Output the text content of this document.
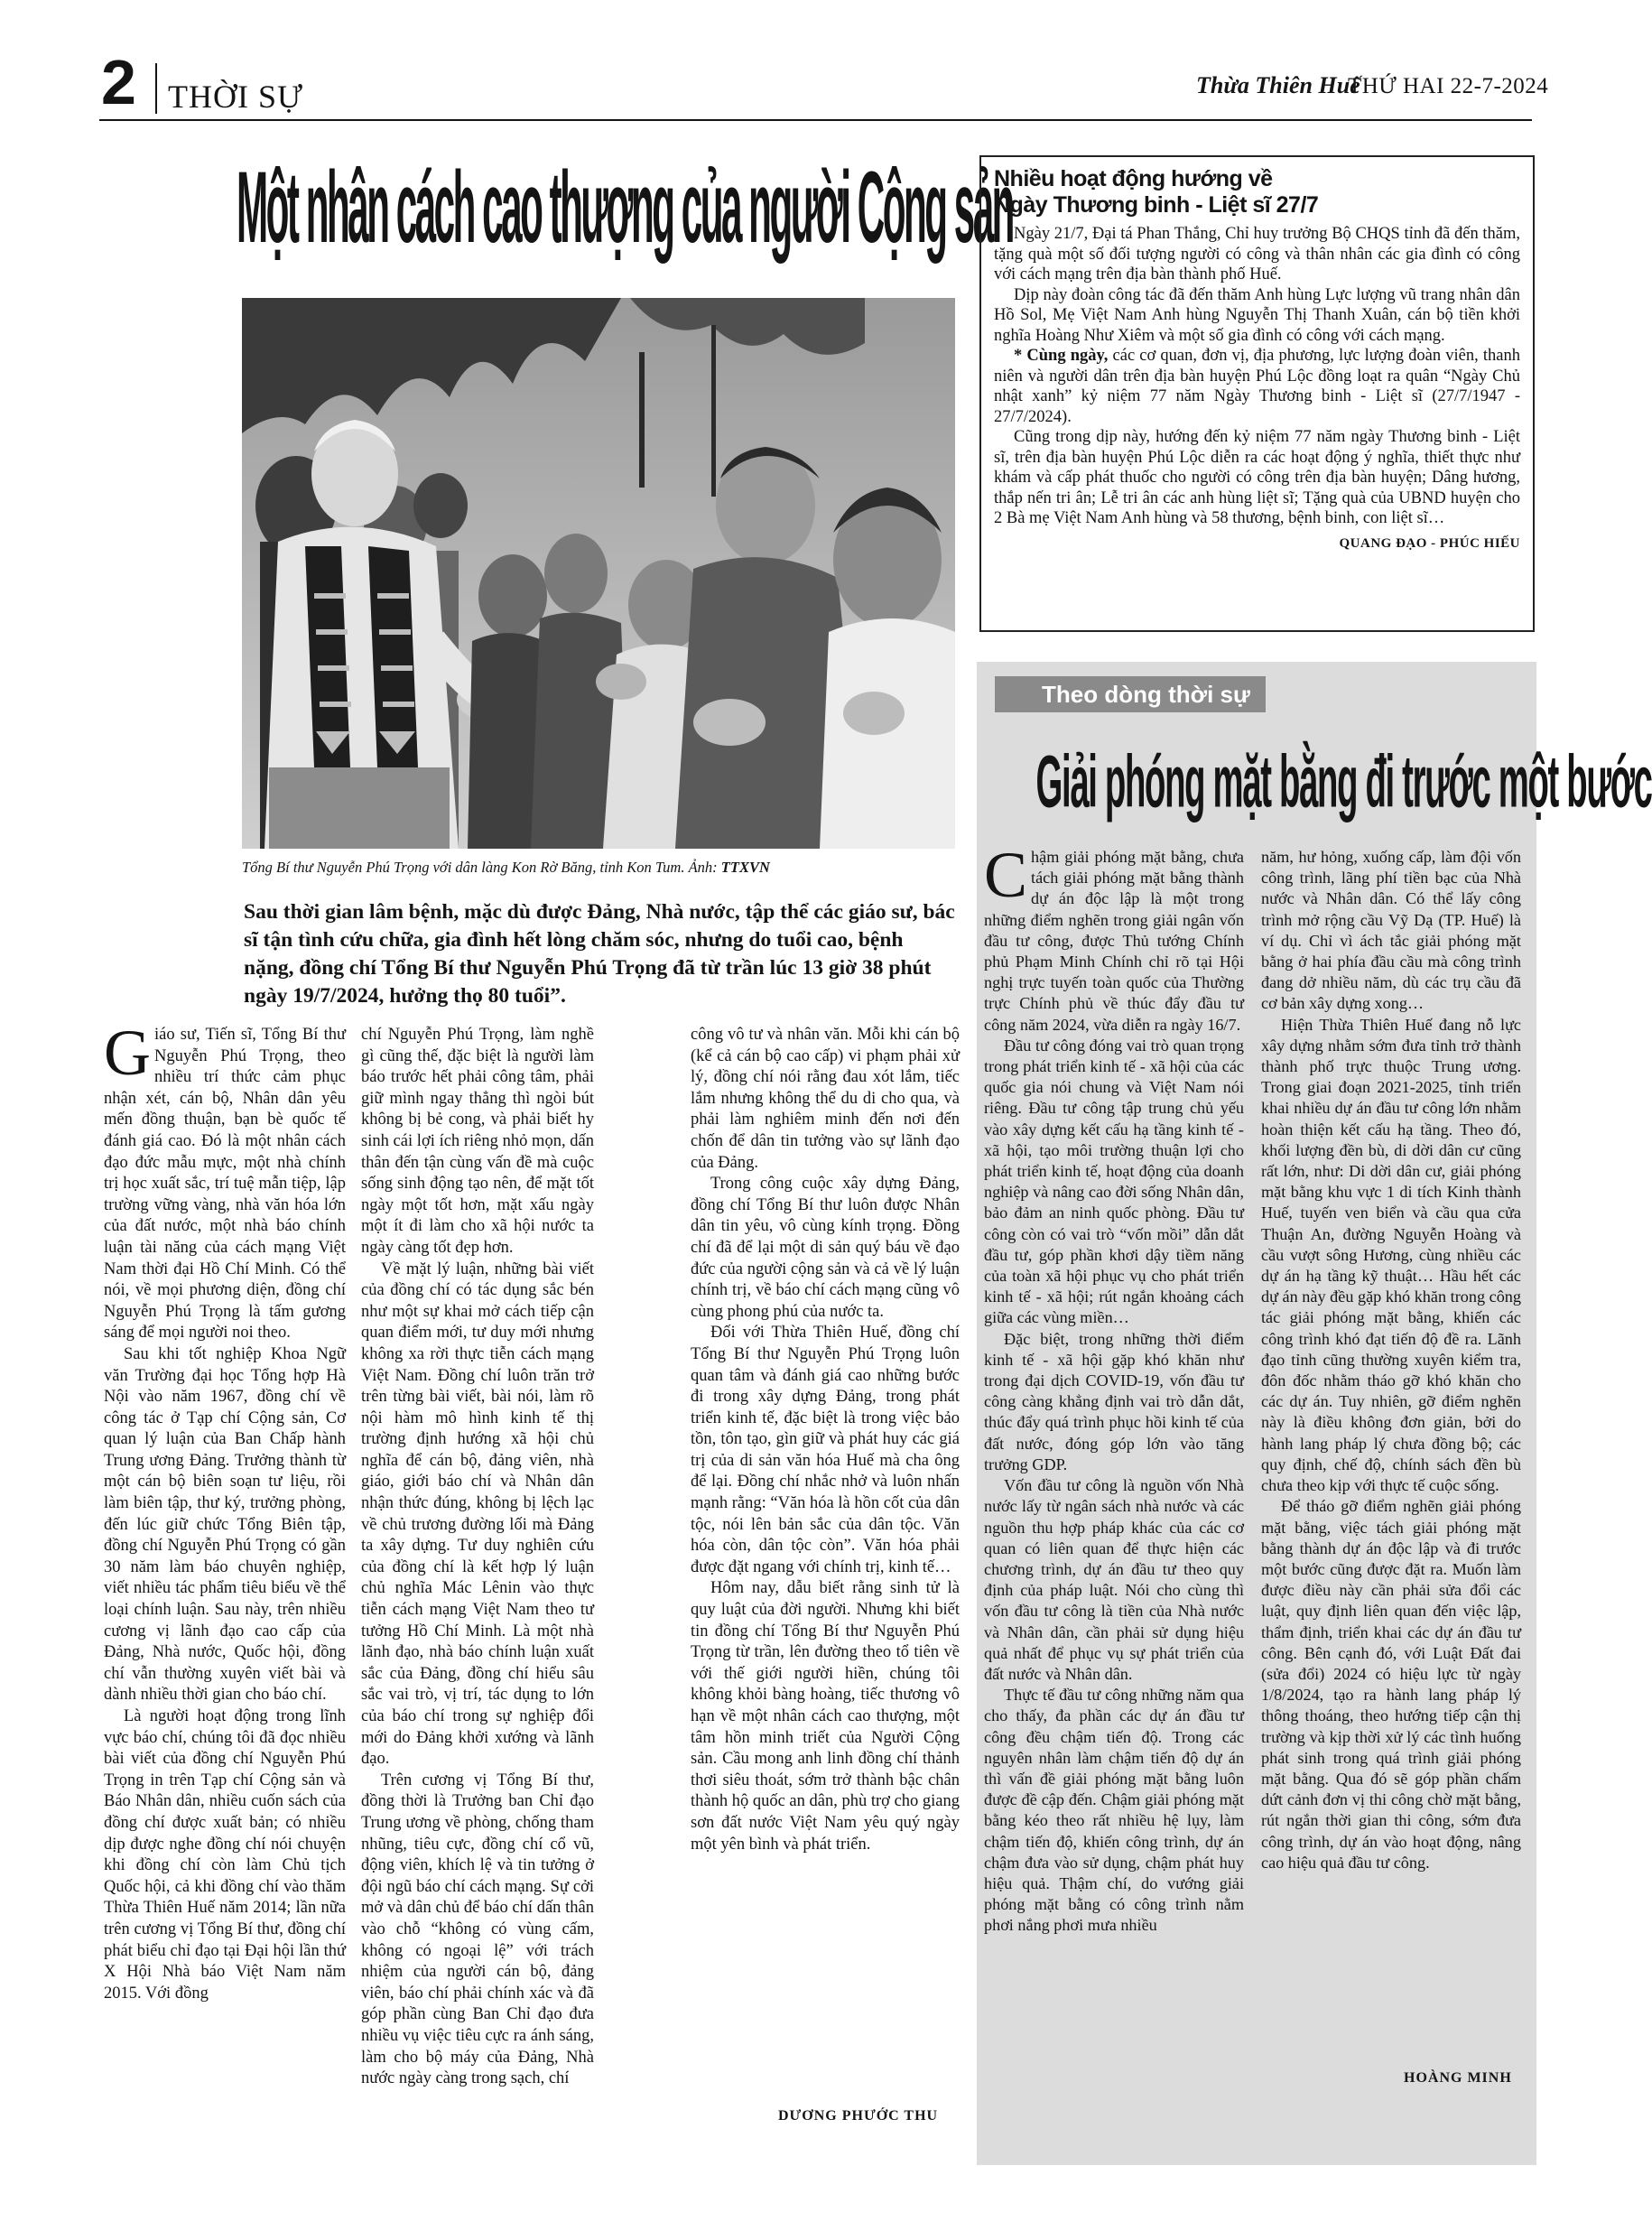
2 THỜI SỰ	Thừa Thiên Huế
THỨ HAI 22-7-2024
Một nhân cách cao thượng của người Cộng sản
Tổng Bí thư Nguyễn Phú Trọng với dân làng Kon Rờ Băng, tỉnh Kon Tum. Ảnh: TTXVN
Sau thời gian lâm bệnh, mặc dù được Đảng, Nhà nước, tập thể các giáo sư, bác sĩ tận tình cứu chữa, gia đình hết lòng chăm sóc, nhưng do tuổi cao, bệnh nặng, đồng chí Tổng Bí thư Nguyễn Phú Trọng đã từ trần lúc 13 giờ 38 phút ngày 19/7/2024, hưởng thọ 80 tuổi”.

Giáo sư, Tiến sĩ, Tổng Bí thư Nguyễn Phú Trọng, theo nhiều trí thức cảm phục nhận xét, cán bộ, Nhân dân yêu mến đồng thuận, bạn bè quốc tế đánh giá cao. Đó là một nhân cách đạo đức mẫu mực, một nhà chính trị học xuất sắc, trí tuệ mẫn tiệp, lập trường vững vàng, nhà văn hóa lớn của đất nước, một nhà báo chính luận tài năng của cách mạng Việt Nam thời đại Hồ Chí Minh. Có thể nói, về mọi phương diện, đồng chí Nguyễn Phú Trọng là tấm gương sáng để mọi người noi theo.

Sau khi tốt nghiệp Khoa Ngữ văn Trường đại học Tổng hợp Hà Nội vào năm 1967, đồng chí về công tác ở Tạp chí Cộng sản, Cơ quan lý luận của Ban Chấp hành Trung ương Đảng. Trưởng thành từ một cán bộ biên soạn tư liệu, rồi làm biên tập, thư ký, trưởng phòng, đến lúc giữ chức Tổng Biên tập, đồng chí Nguyễn Phú Trọng có gần 30 năm làm báo chuyên nghiệp, viết nhiều tác phẩm tiêu biểu về thể loại chính luận. Sau này, trên nhiều cương vị lãnh đạo cao cấp của Đảng, Nhà nước, Quốc hội, đồng chí vẫn thường xuyên viết bài và dành nhiều thời gian cho báo chí.

Là người hoạt động trong lĩnh vực báo chí, chúng tôi đã đọc nhiều bài viết của đồng chí Nguyễn Phú Trọng in trên Tạp chí Cộng sản và Báo Nhân dân, nhiều cuốn sách của đồng chí được xuất bản; có nhiều dịp được nghe đồng chí nói chuyện khi đồng chí còn làm Chủ tịch Quốc hội, cả khi đồng chí vào thăm Thừa Thiên Huế năm 2014; lần nữa trên cương vị Tổng Bí thư, đồng chí phát biểu chỉ đạo tại Đại hội lần thứ X Hội Nhà báo Việt Nam năm 2015. Với đồng

chí Nguyễn Phú Trọng, làm nghề gì cũng thế, đặc biệt là người làm báo trước hết phải công tâm, phải giữ mình ngay thẳng thì ngòi bút không bị bẻ cong, và phải biết hy sinh cái lợi ích riêng nhỏ mọn, dấn thân đến tận cùng vấn đề mà cuộc sống sinh động tạo nên, để mặt tốt ngày một tốt hơn, mặt xấu ngày một ít đi làm cho xã hội nước ta ngày càng tốt đẹp hơn.

Về mặt lý luận, những bài viết của đồng chí có tác dụng sắc bén như một sự khai mở cách tiếp cận quan điểm mới, tư duy mới nhưng không xa rời thực tiễn cách mạng Việt Nam. Đồng chí luôn trăn trở trên từng bài viết, bài nói, làm rõ nội hàm mô hình kinh tế thị trường định hướng xã hội chủ nghĩa để cán bộ, đảng viên, nhà giáo, giới báo chí và Nhân dân nhận thức đúng, không bị lệch lạc về chủ trương đường lối mà Đảng ta xây dựng. Tư duy nghiên cứu của đồng chí là kết hợp lý luận chủ nghĩa Mác Lênin vào thực tiễn cách mạng Việt Nam theo tư tưởng Hồ Chí Minh. Là một nhà lãnh đạo, nhà báo chính luận xuất sắc của Đảng, đồng chí hiểu sâu sắc vai trò, vị trí, tác dụng to lớn của báo chí trong sự nghiệp đổi mới do Đảng khởi xướng và lãnh đạo.

Trên cương vị Tổng Bí thư, đồng thời là Trưởng ban Chỉ đạo Trung ương về phòng, chống tham nhũng, tiêu cực, đồng chí cổ vũ, động viên, khích lệ và tin tưởng ở đội ngũ báo chí cách mạng. Sự cởi mở và dân chủ để báo chí dấn thân vào chỗ “không có vùng cấm, không có ngoại lệ” với trách nhiệm của người cán bộ, đảng viên, báo chí phải chính xác và đã góp phần cùng Ban Chỉ đạo đưa nhiều vụ việc tiêu cực ra ánh sáng, làm cho bộ máy của Đảng, Nhà nước ngày càng trong sạch, chí

công vô tư và nhân văn. Mỗi khi cán bộ (kể cả cán bộ cao cấp) vi phạm phải xử lý, đồng chí nói rằng đau xót lắm, tiếc lắm nhưng không thể du di cho qua, và phải làm nghiêm minh đến nơi đến chốn để dân tin tưởng vào sự lãnh đạo của Đảng.

Trong công cuộc xây dựng Đảng, đồng chí Tổng Bí thư luôn được Nhân dân tin yêu, vô cùng kính trọng. Đồng chí đã để lại một di sản quý báu về đạo đức của người cộng sản và cả về lý luận chính trị, về báo chí cách mạng cũng vô cùng phong phú của nước ta.

Đối với Thừa Thiên Huế, đồng chí Tổng Bí thư Nguyễn Phú Trọng luôn quan tâm và đánh giá cao những bước đi trong xây dựng Đảng, trong phát triển kinh tế, đặc biệt là trong việc bảo tồn, tôn tạo, gìn giữ và phát huy các giá trị của di sản văn hóa Huế mà cha ông để lại. Đồng chí nhắc nhở và luôn nhấn mạnh rằng: “Văn hóa là hồn cốt của dân tộc, nói lên bản sắc của dân tộc. Văn hóa còn, dân tộc còn”. Văn hóa phải được đặt ngang với chính trị, kinh tế…

Hôm nay, dẫu biết rằng sinh tử là quy luật của đời người. Nhưng khi biết tin đồng chí Tổng Bí thư Nguyễn Phú Trọng từ trần, lên đường theo tổ tiên về với thế giới người hiền, chúng tôi không khỏi bàng hoàng, tiếc thương vô hạn về một nhân cách cao thượng, một tâm hồn minh triết của Người Cộng sản. Cầu mong anh linh đồng chí thảnh thơi siêu thoát, sớm trở thành bậc chân thành hộ quốc an dân, phù trợ cho giang sơn đất nước Việt Nam yêu quý ngày một yên bình và phát triển.

DƯƠNG PHƯỚC THU
Nhiều hoạt động hướng về
Ngày Thương binh - Liệt sĩ 27/7

Ngày 21/7, Đại tá Phan Thắng, Chỉ huy trưởng Bộ CHQS tỉnh đã đến thăm, tặng quà một số đối tượng người có công và thân nhân các gia đình có công với cách mạng trên địa bàn thành phố Huế.

Dịp này đoàn công tác đã đến thăm Anh hùng Lực lượng vũ trang nhân dân Hồ Sol, Mẹ Việt Nam Anh hùng Nguyễn Thị Thanh Xuân, cán bộ tiền khởi nghĩa Hoàng Như Xiêm và một số gia đình có công với cách mạng.

* Cùng ngày, các cơ quan, đơn vị, địa phương, lực lượng đoàn viên, thanh niên và người dân trên địa bàn huyện Phú Lộc đồng loạt ra quân “Ngày Chủ nhật xanh” kỷ niệm 77 năm Ngày Thương binh - Liệt sĩ (27/7/1947 - 27/7/2024).

Cũng trong dịp này, hướng đến kỷ niệm 77 năm ngày Thương binh - Liệt sĩ, trên địa bàn huyện Phú Lộc diễn ra các hoạt động ý nghĩa, thiết thực như khám và cấp phát thuốc cho người có công trên địa bàn huyện; Dâng hương, thắp nến tri ân; Lễ tri ân các anh hùng liệt sĩ; Tặng quà của UBND huyện cho 2 Bà mẹ Việt Nam Anh hùng và 58 thương, bệnh binh, con liệt sĩ…

QUANG ĐẠO - PHÚC HIẾU
Theo dòng thời sự
Giải phóng mặt bằng đi trước một bước

Chậm giải phóng mặt bằng, chưa tách giải phóng mặt bằng thành dự án độc lập là một trong những điểm nghẽn trong giải ngân vốn đầu tư công, được Thủ tướng Chính phủ Phạm Minh Chính chỉ rõ tại Hội nghị trực tuyến toàn quốc của Thường trực Chính phủ về thúc đẩy đầu tư công năm 2024, vừa diễn ra ngày 16/7.

Đầu tư công đóng vai trò quan trọng trong phát triển kinh tế - xã hội của các quốc gia nói chung và Việt Nam nói riêng. Đầu tư công tập trung chủ yếu vào xây dựng kết cấu hạ tầng kinh tế - xã hội, tạo môi trường thuận lợi cho phát triển kinh tế, hoạt động của doanh nghiệp và nâng cao đời sống Nhân dân, bảo đảm an ninh quốc phòng. Đầu tư công còn có vai trò “vốn mồi” dẫn dắt đầu tư, góp phần khơi dậy tiềm năng của toàn xã hội phục vụ cho phát triển kinh tế - xã hội; rút ngắn khoảng cách giữa các vùng miền…

Đặc biệt, trong những thời điểm kinh tế - xã hội gặp khó khăn như trong đại dịch COVID-19, vốn đầu tư công càng khẳng định vai trò dẫn dắt, thúc đẩy quá trình phục hồi kinh tế của đất nước, đóng góp lớn vào tăng trưởng GDP.

Vốn đầu tư công là nguồn vốn Nhà nước lấy từ ngân sách nhà nước và các nguồn thu hợp pháp khác của các cơ quan có liên quan để thực hiện các chương trình, dự án đầu tư theo quy định của pháp luật. Nói cho cùng thì vốn đầu tư công là tiền của Nhà nước và Nhân dân, cần phải sử dụng hiệu quả nhất để phục vụ sự phát triển của đất nước và Nhân dân.

Thực tế đầu tư công những năm qua cho thấy, đa phần các dự án đầu tư công đều chậm tiến độ. Trong các nguyên nhân làm chậm tiến độ dự án thì vấn đề giải phóng mặt bằng luôn được đề cập đến. Chậm giải phóng mặt bằng kéo theo rất nhiều hệ lụy, làm chậm tiến độ, khiến công trình, dự án chậm đưa vào sử dụng, chậm phát huy hiệu quả. Thậm chí, do vướng giải phóng mặt bằng có công trình nằm phơi nắng phơi mưa nhiều

năm, hư hỏng, xuống cấp, làm đội vốn công trình, lãng phí tiền bạc của Nhà nước và Nhân dân. Có thể lấy công trình mở rộng cầu Vỹ Dạ (TP. Huế) là ví dụ. Chỉ vì ách tắc giải phóng mặt bằng ở hai phía đầu cầu mà công trình đang dở nhiều năm, dù các trụ cầu đã cơ bản xây dựng xong…

Hiện Thừa Thiên Huế đang nỗ lực xây dựng nhằm sớm đưa tỉnh trở thành thành phố trực thuộc Trung ương. Trong giai đoạn 2021-2025, tỉnh triển khai nhiều dự án đầu tư công lớn nhằm hoàn thiện kết cấu hạ tầng. Theo đó, khối lượng đền bù, di dời dân cư cũng rất lớn, như: Di dời dân cư, giải phóng mặt bằng khu vực 1 di tích Kinh thành Huế, tuyến ven biển và cầu qua cửa Thuận An, đường Nguyễn Hoàng và cầu vượt sông Hương, cùng nhiều các dự án hạ tầng kỹ thuật… Hầu hết các dự án này đều gặp khó khăn trong công tác giải phóng mặt bằng, khiến các công trình khó đạt tiến độ đề ra. Lãnh đạo tỉnh cũng thường xuyên kiểm tra, đôn đốc nhằm tháo gỡ khó khăn cho các dự án. Tuy nhiên, gỡ điểm nghẽn này là điều không đơn giản, bởi do hành lang pháp lý chưa đồng bộ; các quy định, chế độ, chính sách đền bù chưa theo kịp với thực tế cuộc sống.

Để tháo gỡ điểm nghẽn giải phóng mặt bằng, việc tách giải phóng mặt bằng thành dự án độc lập và đi trước một bước cũng được đặt ra. Muốn làm được điều này cần phải sửa đổi các luật, quy định liên quan đến việc lập, thẩm định, triển khai các dự án đầu tư công. Bên cạnh đó, với Luật Đất đai (sửa đổi) 2024 có hiệu lực từ ngày 1/8/2024, tạo ra hành lang pháp lý thông thoáng, theo hướng tiếp cận thị trường và kịp thời xử lý các tình huống phát sinh trong quá trình giải phóng mặt bằng. Qua đó sẽ góp phần chấm dứt cảnh đơn vị thi công chờ mặt bằng, rút ngắn thời gian thi công, sớm đưa công trình, dự án vào hoạt động, nâng cao hiệu quả đầu tư công.

HOÀNG MINH
